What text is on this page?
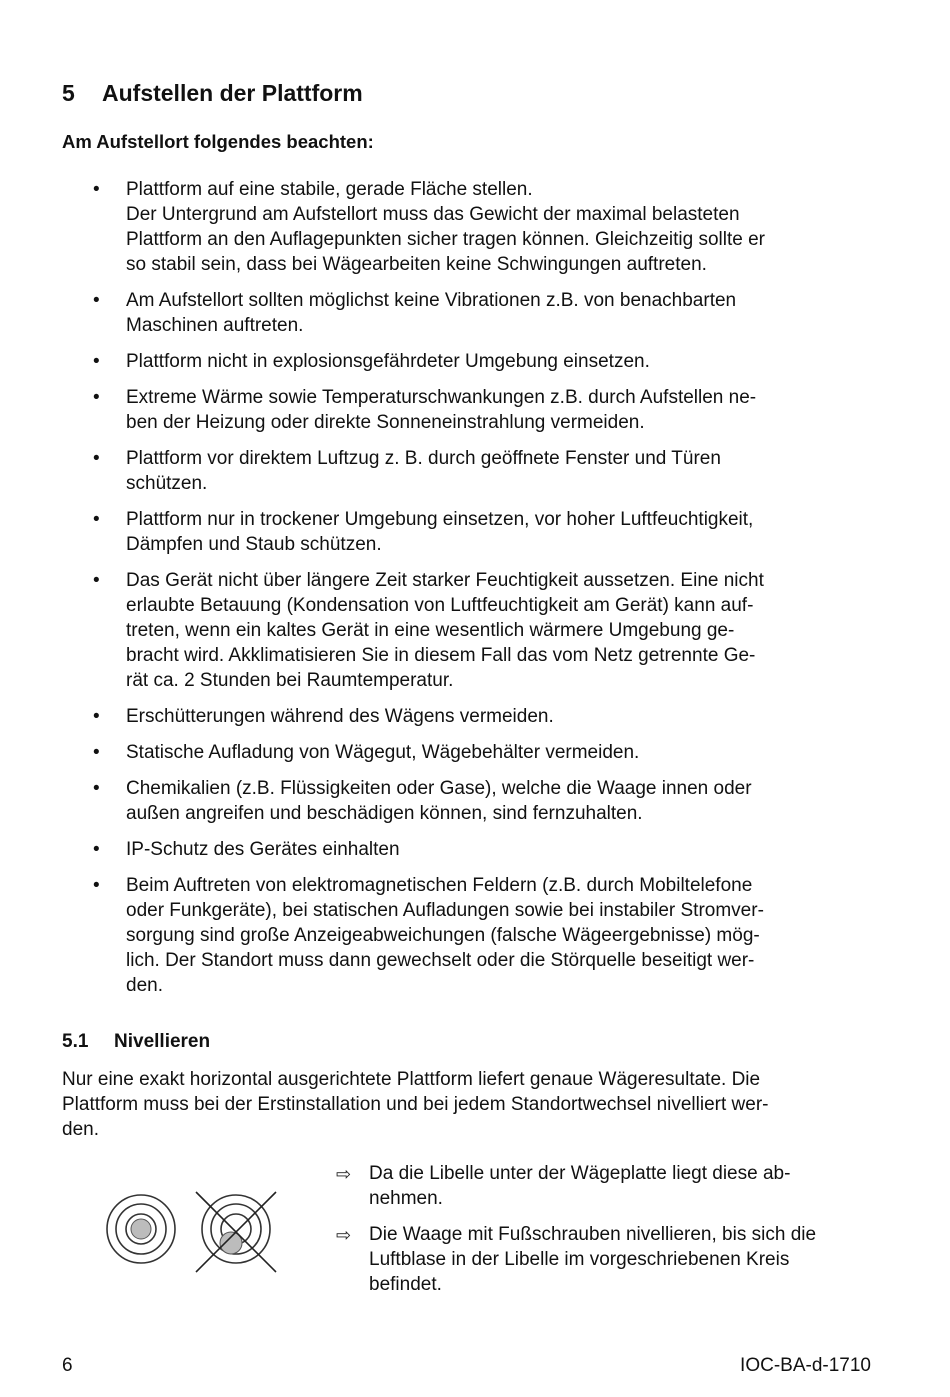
5 Aufstellen der Plattform

Am Aufstellort folgendes beachten:

• Plattform auf eine stabile, gerade Fläche stellen.
Der Untergrund am Aufstellort muss das Gewicht der maximal belasteten
Plattform an den Auflagepunkten sicher tragen können. Gleichzeitig sollte er
so stabil sein, dass bei Wägearbeiten keine Schwingungen auftreten.
• Am Aufstellort sollten möglichst keine Vibrationen z.B. von benachbarten
Maschinen auftreten.
• Plattform nicht in explosionsgefährdeter Umgebung einsetzen.
• Extreme Wärme sowie Temperaturschwankungen z.B. durch Aufstellen ne-
ben der Heizung oder direkte Sonneneinstrahlung vermeiden.
• Plattform vor direktem Luftzug z. B. durch geöffnete Fenster und Türen
schützen.
• Plattform nur in trockener Umgebung einsetzen, vor hoher Luftfeuchtigkeit,
Dämpfen und Staub schützen.
• Das Gerät nicht über längere Zeit starker Feuchtigkeit aussetzen. Eine nicht
erlaubte Betauung (Kondensation von Luftfeuchtigkeit am Gerät) kann auf-
treten, wenn ein kaltes Gerät in eine wesentlich wärmere Umgebung ge-
bracht wird. Akklimatisieren Sie in diesem Fall das vom Netz getrennte Ge-
rät ca. 2 Stunden bei Raumtemperatur.
• Erschütterungen während des Wägens vermeiden.
• Statische Aufladung von Wägegut, Wägebehälter vermeiden.
• Chemikalien (z.B. Flüssigkeiten oder Gase), welche die Waage innen oder
außen angreifen und beschädigen können, sind fernzuhalten.
• IP-Schutz des Gerätes einhalten
• Beim Auftreten von elektromagnetischen Feldern (z.B. durch Mobiltelefone
oder Funkgeräte), bei statischen Aufladungen sowie bei instabiler Stromver-
sorgung sind große Anzeigeabweichungen (falsche Wägeergebnisse) mög-
lich. Der Standort muss dann gewechselt oder die Störquelle beseitigt wer-
den.
5.1 Nivellieren

Nur eine exakt horizontal ausgerichtete Plattform liefert genaue Wägeresultate. Die
Plattform muss bei der Erstinstallation und bei jedem Standortwechsel nivelliert wer-
den.

⇨ Da die Libelle unter der Wägeplatte liegt diese ab-
nehmen.
⇨ Die Waage mit Fußschrauben nivellieren, bis sich die
Luftblase in der Libelle im vorgeschriebenen Kreis
befindet.
6	IOC-BA-d-1710
